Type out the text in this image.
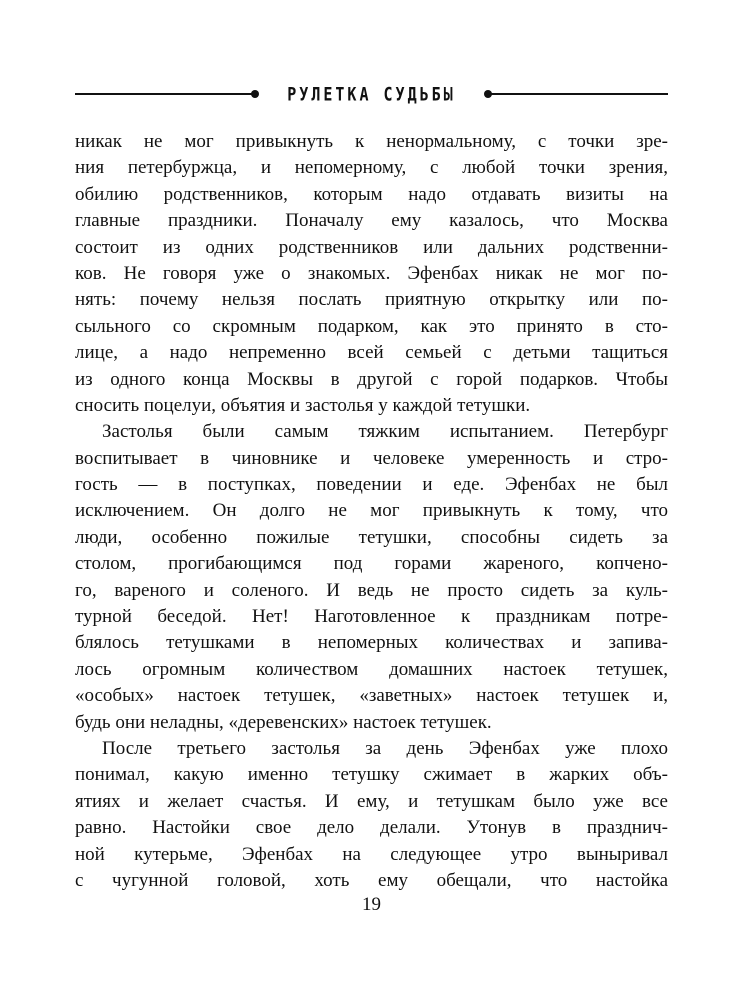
РУЛЕТКА СУДЬБЫ
никак не мог привыкнуть к ненормальному, с точки зре-
ния петербуржца, и непомерному, с любой точки зрения,
обилию родственников, которым надо отдавать визиты на
главные праздники. Поначалу ему казалось, что Москва
состоит из одних родственников или дальних родственни-
ков. Не говоря уже о знакомых. Эфенбах никак не мог по-
нять: почему нельзя послать приятную открытку или по-
сыльного со скромным подарком, как это принято в сто-
лице, а надо непременно всей семьей с детьми тащиться
из одного конца Москвы в другой с горой подарков. Чтобы
сносить поцелуи, объятия и застолья у каждой тетушки.
Застолья были самым тяжким испытанием. Петербург
воспитывает в чиновнике и человеке умеренность и стро-
гость — в поступках, поведении и еде. Эфенбах не был
исключением. Он долго не мог привыкнуть к тому, что
люди, особенно пожилые тетушки, способны сидеть за
столом, прогибающимся под горами жареного, копчено-
го, вареного и соленого. И ведь не просто сидеть за куль-
турной беседой. Нет! Наготовленное к праздникам потре-
блялось тетушками в непомерных количествах и запива-
лось огромным количеством домашних настоек тетушек,
«особых» настоек тетушек, «заветных» настоек тетушек и,
будь они неладны, «деревенских» настоек тетушек.
После третьего застолья за день Эфенбах уже плохо
понимал, какую именно тетушку сжимает в жарких объ-
ятиях и желает счастья. И ему, и тетушкам было уже все
равно. Настойки свое дело делали. Утонув в празднич-
ной кутерьме, Эфенбах на следующее утро выныривал
с чугунной головой, хоть ему обещали, что настойка
19
